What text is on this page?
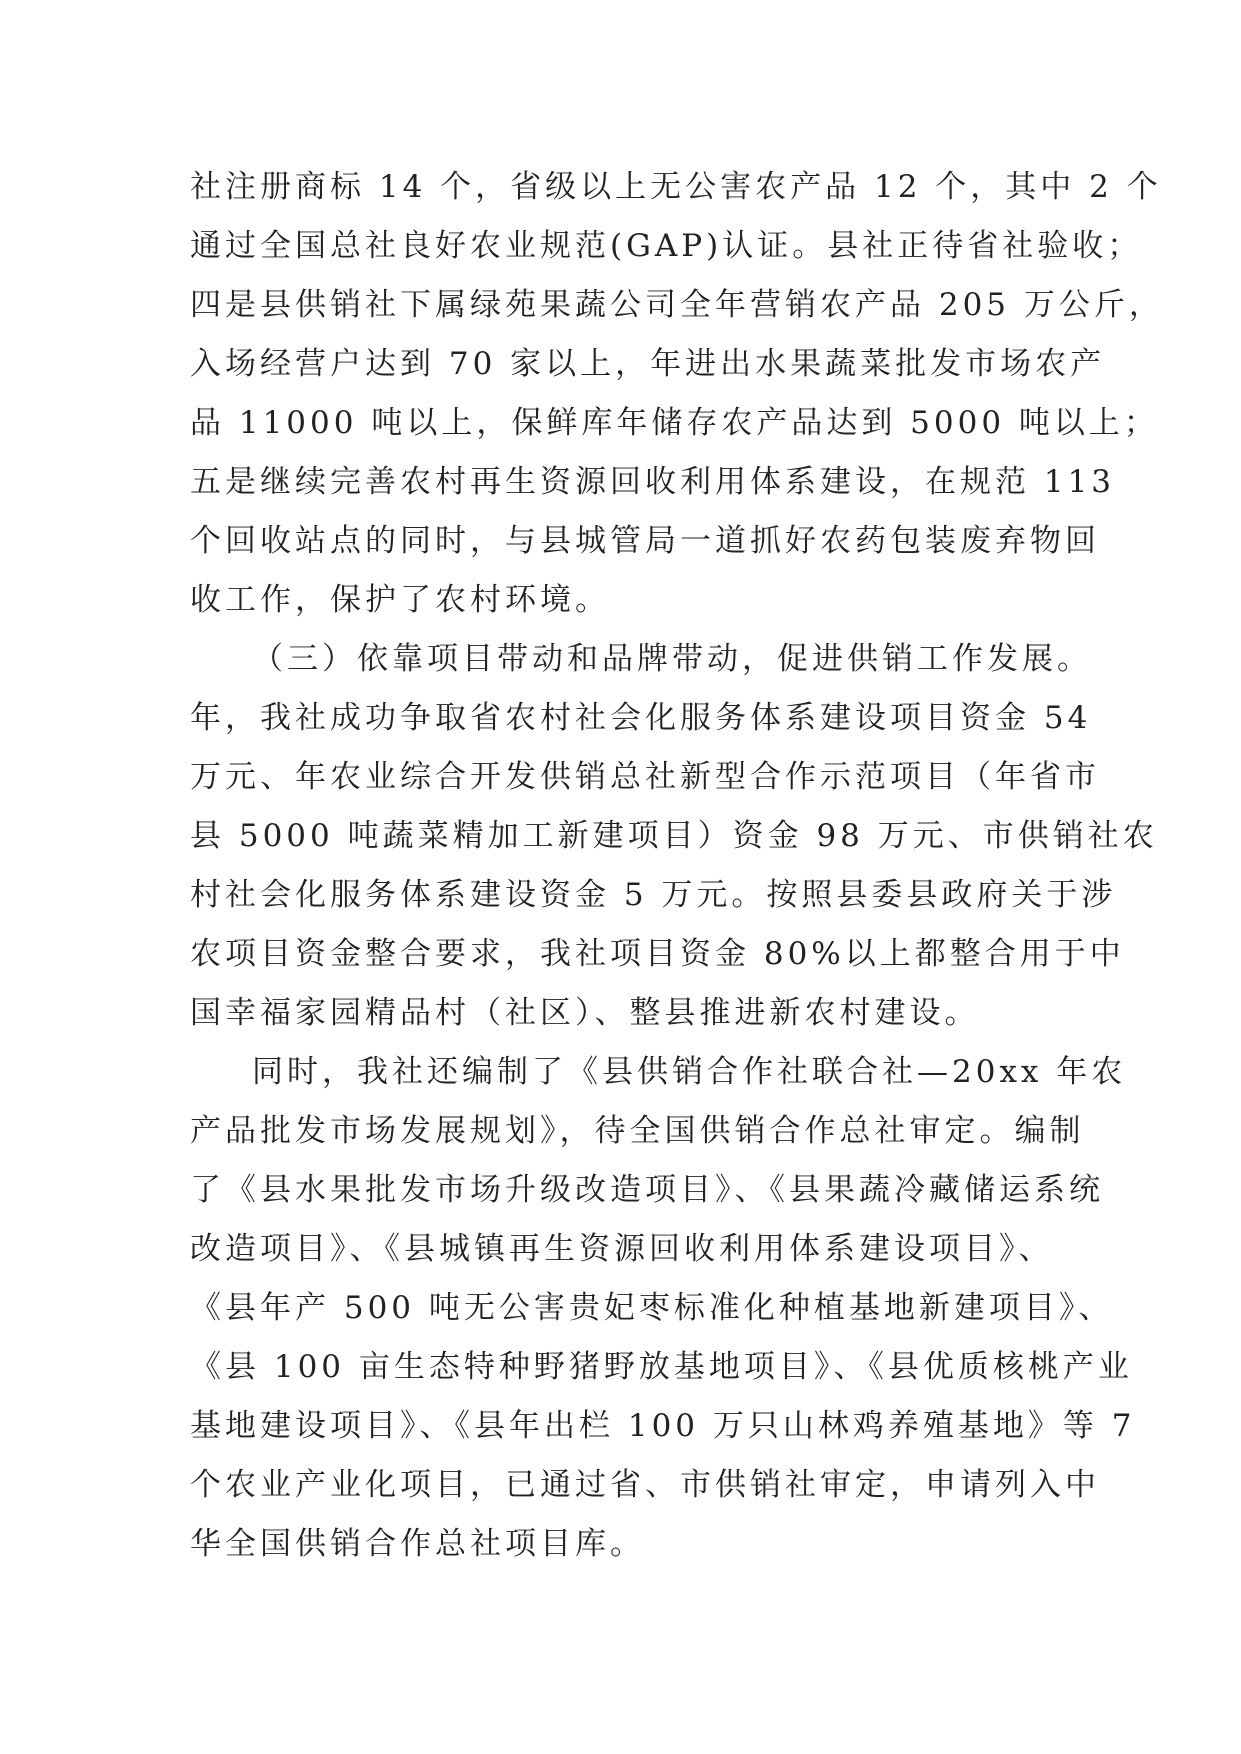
社注册商标 14 个，省级以上无公害农产品 12 个，其中 2 个
通过全国总社良好农业规范(GAP)认证。县社正待省社验收；
四是县供销社下属绿苑果蔬公司全年营销农产品 205 万公斤，
入场经营户达到 70 家以上，年进出水果蔬菜批发市场农产
品 11000 吨以上，保鲜库年储存农产品达到 5000 吨以上；
五是继续完善农村再生资源回收利用体系建设，在规范 113
个回收站点的同时，与县城管局一道抓好农药包装废弃物回
收工作，保护了农村环境。
（三）依靠项目带动和品牌带动，促进供销工作发展。
年，我社成功争取省农村社会化服务体系建设项目资金 54
万元、年农业综合开发供销总社新型合作示范项目（年省市
县 5000 吨蔬菜精加工新建项目）资金 98 万元、市供销社农
村社会化服务体系建设资金 5 万元。按照县委县政府关于涉
农项目资金整合要求，我社项目资金 80%以上都整合用于中
国幸福家园精品村（社区）、整县推进新农村建设。
同时，我社还编制了《县供销合作社联合社—20xx 年农
产品批发市场发展规划》，待全国供销合作总社审定。编制
了《县水果批发市场升级改造项目》、《县果蔬冷藏储运系统
改造项目》、《县城镇再生资源回收利用体系建设项目》、
《县年产 500 吨无公害贵妃枣标准化种植基地新建项目》、
《县 100 亩生态特种野猪野放基地项目》、《县优质核桃产业
基地建设项目》、《县年出栏 100 万只山林鸡养殖基地》等 7
个农业产业化项目，已通过省、市供销社审定，申请列入中
华全国供销合作总社项目库。
